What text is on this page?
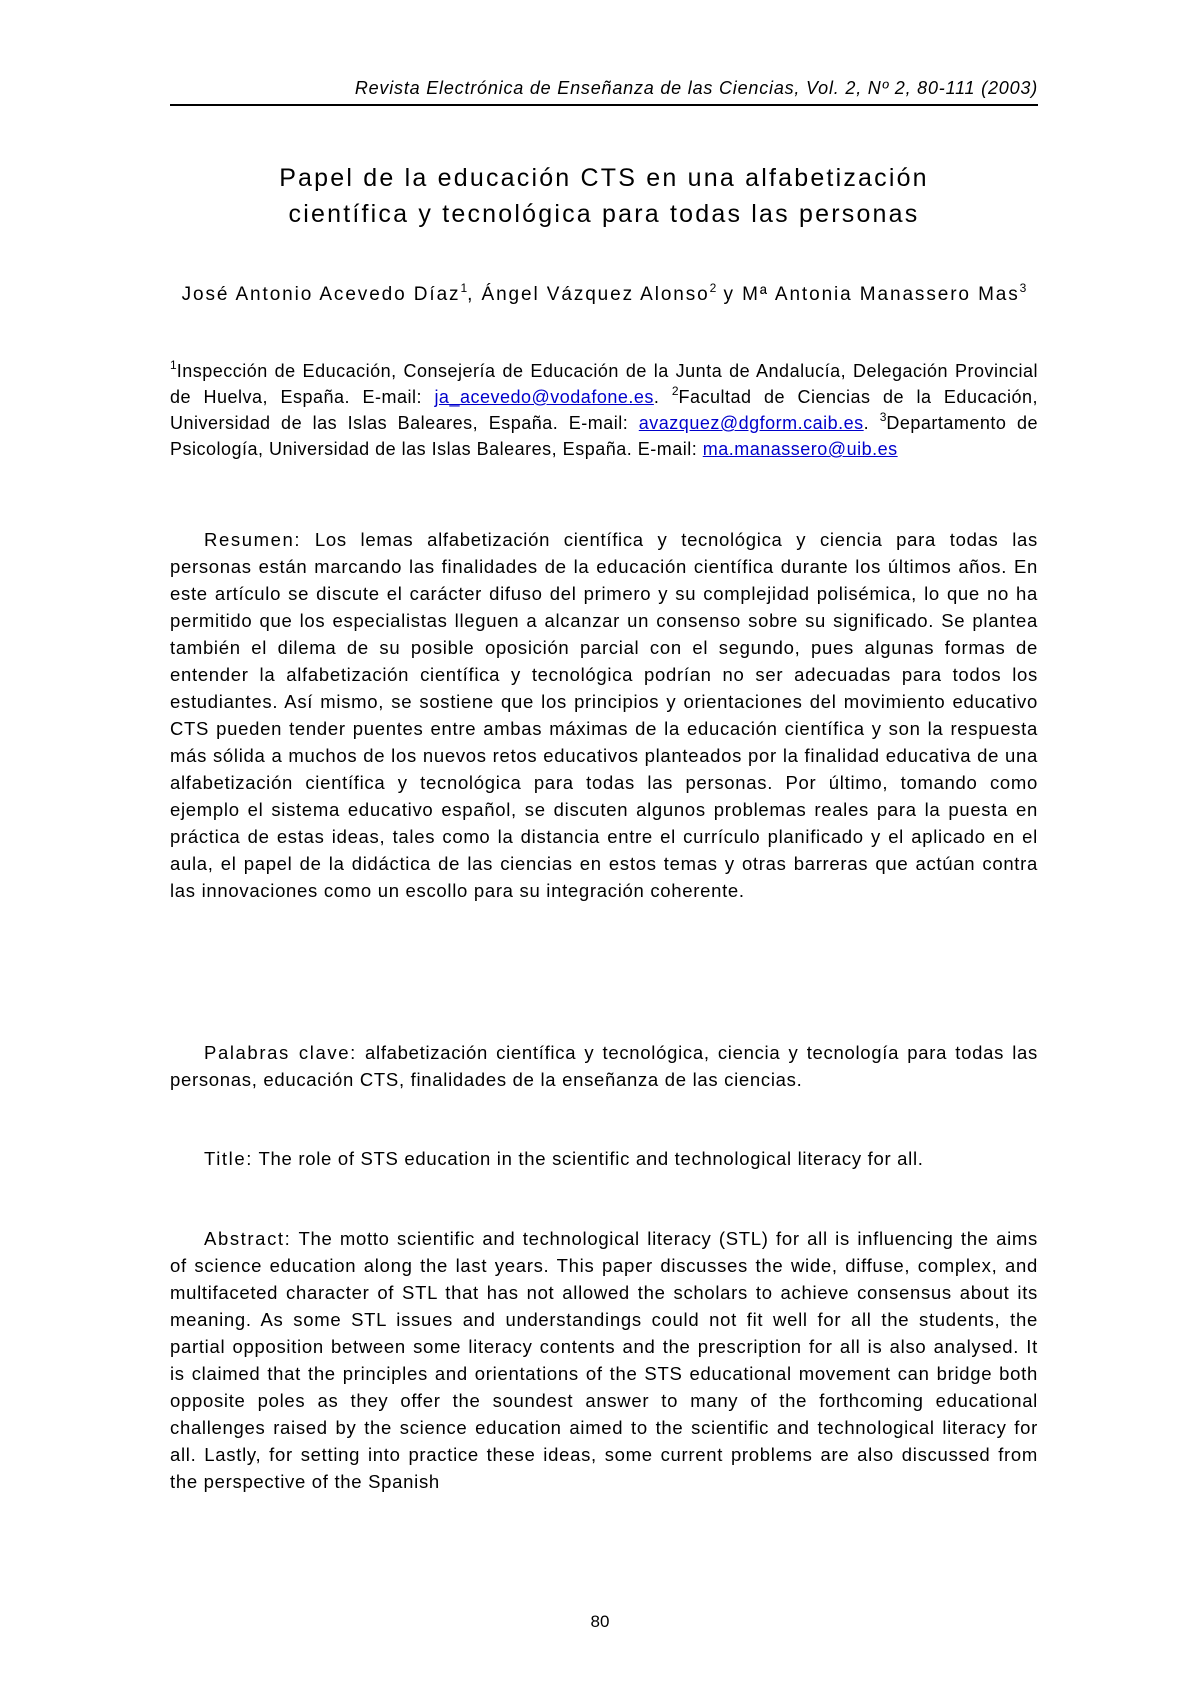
Revista Electrónica de Enseñanza de las Ciencias, Vol. 2, Nº 2, 80-111 (2003)
Papel de la educación CTS en una alfabetización
científica y tecnológica para todas las personas
José Antonio Acevedo Díaz$^1$, Ángel Vázquez Alonso$^2$ y Mª Antonia Manassero Mas$^3$
$^1$Inspección de Educación, Consejería de Educación de la Junta de Andalucía, Delegación Provincial de Huelva, España. E-mail: ja_acevedo@vodafone.es. $^2$Facultad de Ciencias de la Educación, Universidad de las Islas Baleares, España. E-mail: avazquez@dgform.caib.es. $^3$Departamento de Psicología, Universidad de las Islas Baleares, España. E-mail: ma.manassero@uib.es

Resumen: Los lemas alfabetización científica y tecnológica y ciencia para todas las personas están marcando las finalidades de la educación científica durante los últimos años. En este artículo se discute el carácter difuso del primero y su complejidad polisémica, lo que no ha permitido que los especialistas lleguen a alcanzar un consenso sobre su significado. Se plantea también el dilema de su posible oposición parcial con el segundo, pues algunas formas de entender la alfabetización científica y tecnológica podrían no ser adecuadas para todos los estudiantes. Así mismo, se sostiene que los principios y orientaciones del movimiento educativo CTS pueden tender puentes entre ambas máximas de la educación científica y son la respuesta más sólida a muchos de los nuevos retos educativos planteados por la finalidad educativa de una alfabetización científica y tecnológica para todas las personas. Por último, tomando como ejemplo el sistema educativo español, se discuten algunos problemas reales para la puesta en práctica de estas ideas, tales como la distancia entre el currículo planificado y el aplicado en el aula, el papel de la didáctica de las ciencias en estos temas y otras barreras que actúan contra las innovaciones como un escollo para su integración coherente.

Palabras clave: alfabetización científica y tecnológica, ciencia y tecnología para todas las personas, educación CTS, finalidades de la enseñanza de las ciencias.

Title: The role of STS education in the scientific and technological literacy for all.

Abstract: The motto scientific and technological literacy (STL) for all is influencing the aims of science education along the last years. This paper discusses the wide, diffuse, complex, and multifaceted character of STL that has not allowed the scholars to achieve consensus about its meaning. As some STL issues and understandings could not fit well for all the students, the partial opposition between some literacy contents and the prescription for all is also analysed. It is claimed that the principles and orientations of the STS educational movement can bridge both opposite poles as they offer the soundest answer to many of the forthcoming educational challenges raised by the science education aimed to the scientific and technological literacy for all. Lastly, for setting into practice these ideas, some current problems are also discussed from the perspective of the Spanish

80
